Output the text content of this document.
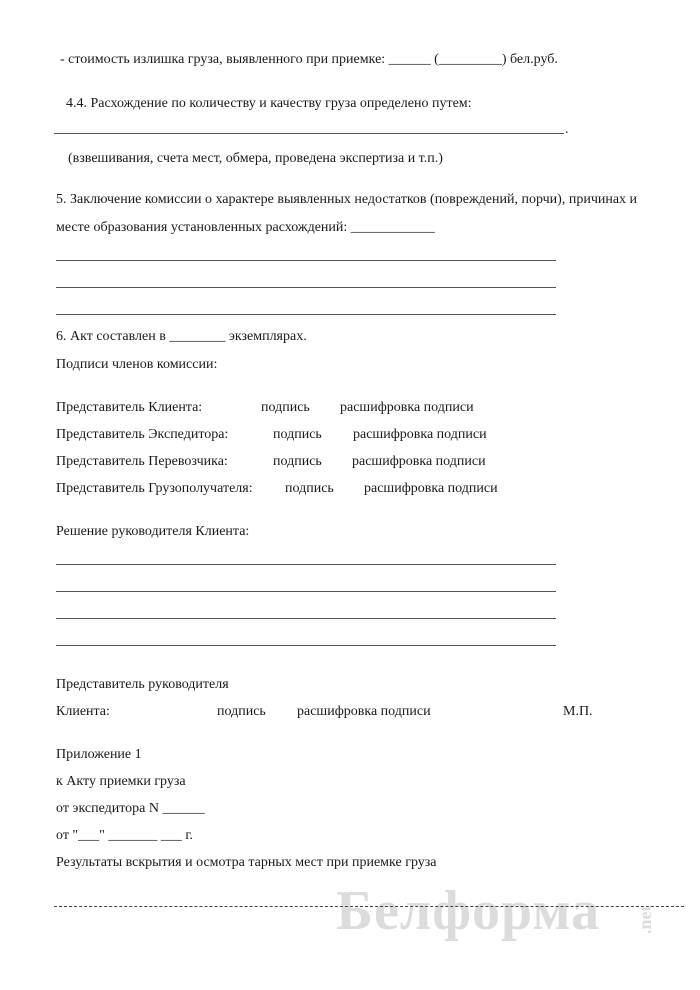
- стоимость излишка груза, выявленного при приемке: ______ (_________) бел.руб.
4.4. Расхождение по количеству и качеству груза определено путем:
.
(взвешивания, счета мест, обмера, проведена экспертиза и т.п.)
5. Заключение комиссии о характере выявленных недостатков (повреждений, порчи), причинах и
месте образования установленных расхождений: ____________
6. Акт составлен в ________ экземплярах.
Подписи членов комиссии:
Представитель Клиента:	подпись расшифровка подписи
Представитель Экспедитора:	подпись расшифровка подписи
Представитель Перевозчика:	подпись расшифровка подписи
Представитель Грузополучателя: подпись расшифровка подписи
Решение руководителя Клиента:
Представитель руководителя
Клиента:	подпись расшифровка подписи	М.П.
Приложение 1
к Акту приемки груза
от экспедитора N ______
от "___" _______ ___ г.
Результаты вскрытия и осмотра тарных мест при приемке груза
Белформа .net
